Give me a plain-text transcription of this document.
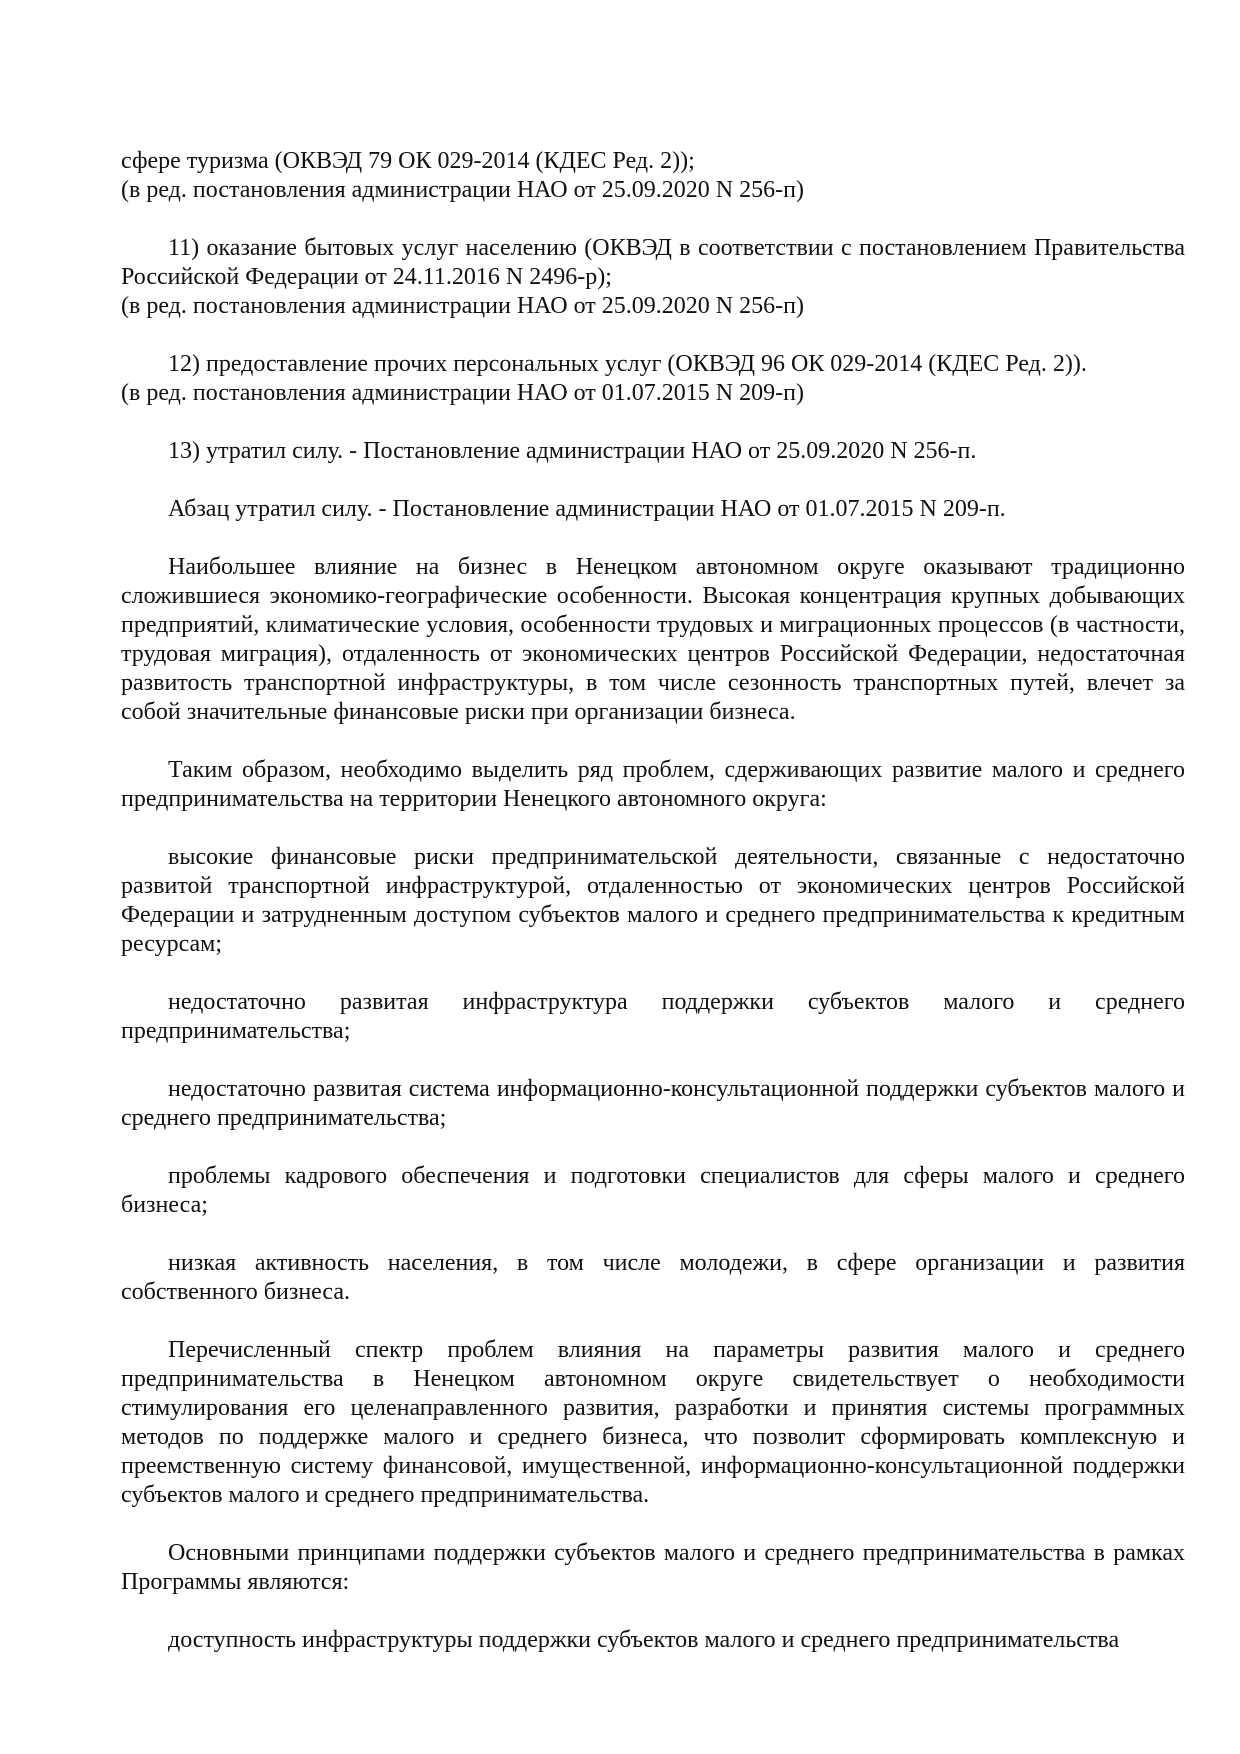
сфере туризма (ОКВЭД 79 ОК 029-2014 (КДЕС Ред. 2));

(в ред. постановления администрации НАО от 25.09.2020 N 256-п)

11) оказание бытовых услуг населению (ОКВЭД в соответствии с постановлением Правительства Российской Федерации от 24.11.2016 N 2496-р);

(в ред. постановления администрации НАО от 25.09.2020 N 256-п)

12) предоставление прочих персональных услуг (ОКВЭД 96 ОК 029-2014 (КДЕС Ред. 2)).

(в ред. постановления администрации НАО от 01.07.2015 N 209-п)

13) утратил силу. - Постановление администрации НАО от 25.09.2020 N 256-п.

Абзац утратил силу. - Постановление администрации НАО от 01.07.2015 N 209-п.

Наибольшее влияние на бизнес в Ненецком автономном округе оказывают традиционно сложившиеся экономико-географические особенности. Высокая концентрация крупных добывающих предприятий, климатические условия, особенности трудовых и миграционных процессов (в частности, трудовая миграция), отдаленность от экономических центров Российской Федерации, недостаточная развитость транспортной инфраструктуры, в том числе сезонность транспортных путей, влечет за собой значительные финансовые риски при организации бизнеса.

Таким образом, необходимо выделить ряд проблем, сдерживающих развитие малого и среднего предпринимательства на территории Ненецкого автономного округа:

высокие финансовые риски предпринимательской деятельности, связанные с недостаточно развитой транспортной инфраструктурой, отдаленностью от экономических центров Российской Федерации и затрудненным доступом субъектов малого и среднего предпринимательства к кредитным ресурсам;

недостаточно развитая инфраструктура поддержки субъектов малого и среднего предпринимательства;

недостаточно развитая система информационно-консультационной поддержки субъектов малого и среднего предпринимательства;

проблемы кадрового обеспечения и подготовки специалистов для сферы малого и среднего бизнеса;

низкая активность населения, в том числе молодежи, в сфере организации и развития собственного бизнеса.

Перечисленный спектр проблем влияния на параметры развития малого и среднего предпринимательства в Ненецком автономном округе свидетельствует о необходимости стимулирования его целенаправленного развития, разработки и принятия системы программных методов по поддержке малого и среднего бизнеса, что позволит сформировать комплексную и преемственную систему финансовой, имущественной, информационно-консультационной поддержки субъектов малого и среднего предпринимательства.

Основными принципами поддержки субъектов малого и среднего предпринимательства в рамках Программы являются:

доступность инфраструктуры поддержки субъектов малого и среднего предпринимательства
